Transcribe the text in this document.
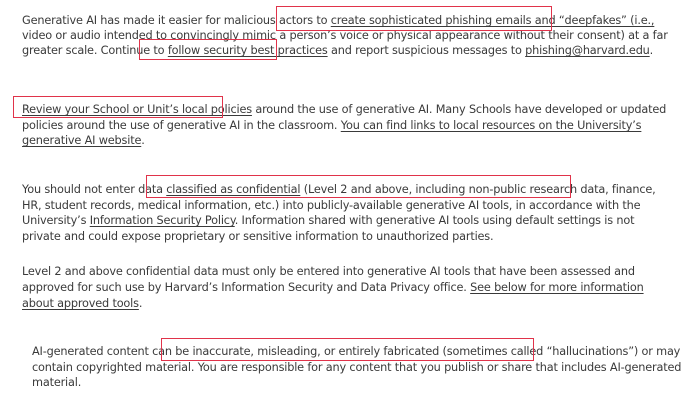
Generative AI has made it easier for malicious actors to create sophisticated phishing emails and “deepfakes” (i.e.,
video or audio intended to convincingly mimic a person’s voice or physical appearance without their consent) at a far
greater scale. Continue to follow security best practices and report suspicious messages to phishing@harvard.edu.
Review your School or Unit’s local policies around the use of generative AI. Many Schools have developed or updated
policies around the use of generative AI in the classroom. You can find links to local resources on the University’s
generative AI website.
You should not enter data classified as confidential (Level 2 and above, including non-public research data, finance,
HR, student records, medical information, etc.) into publicly-available generative AI tools, in accordance with the
University’s Information Security Policy. Information shared with generative AI tools using default settings is not
private and could expose proprietary or sensitive information to unauthorized parties.
Level 2 and above confidential data must only be entered into generative AI tools that have been assessed and
approved for such use by Harvard’s Information Security and Data Privacy office. See below for more information
about approved tools.
AI-generated content can be inaccurate, misleading, or entirely fabricated (sometimes called “hallucinations”) or may
contain copyrighted material. You are responsible for any content that you publish or share that includes AI-generated
material.
